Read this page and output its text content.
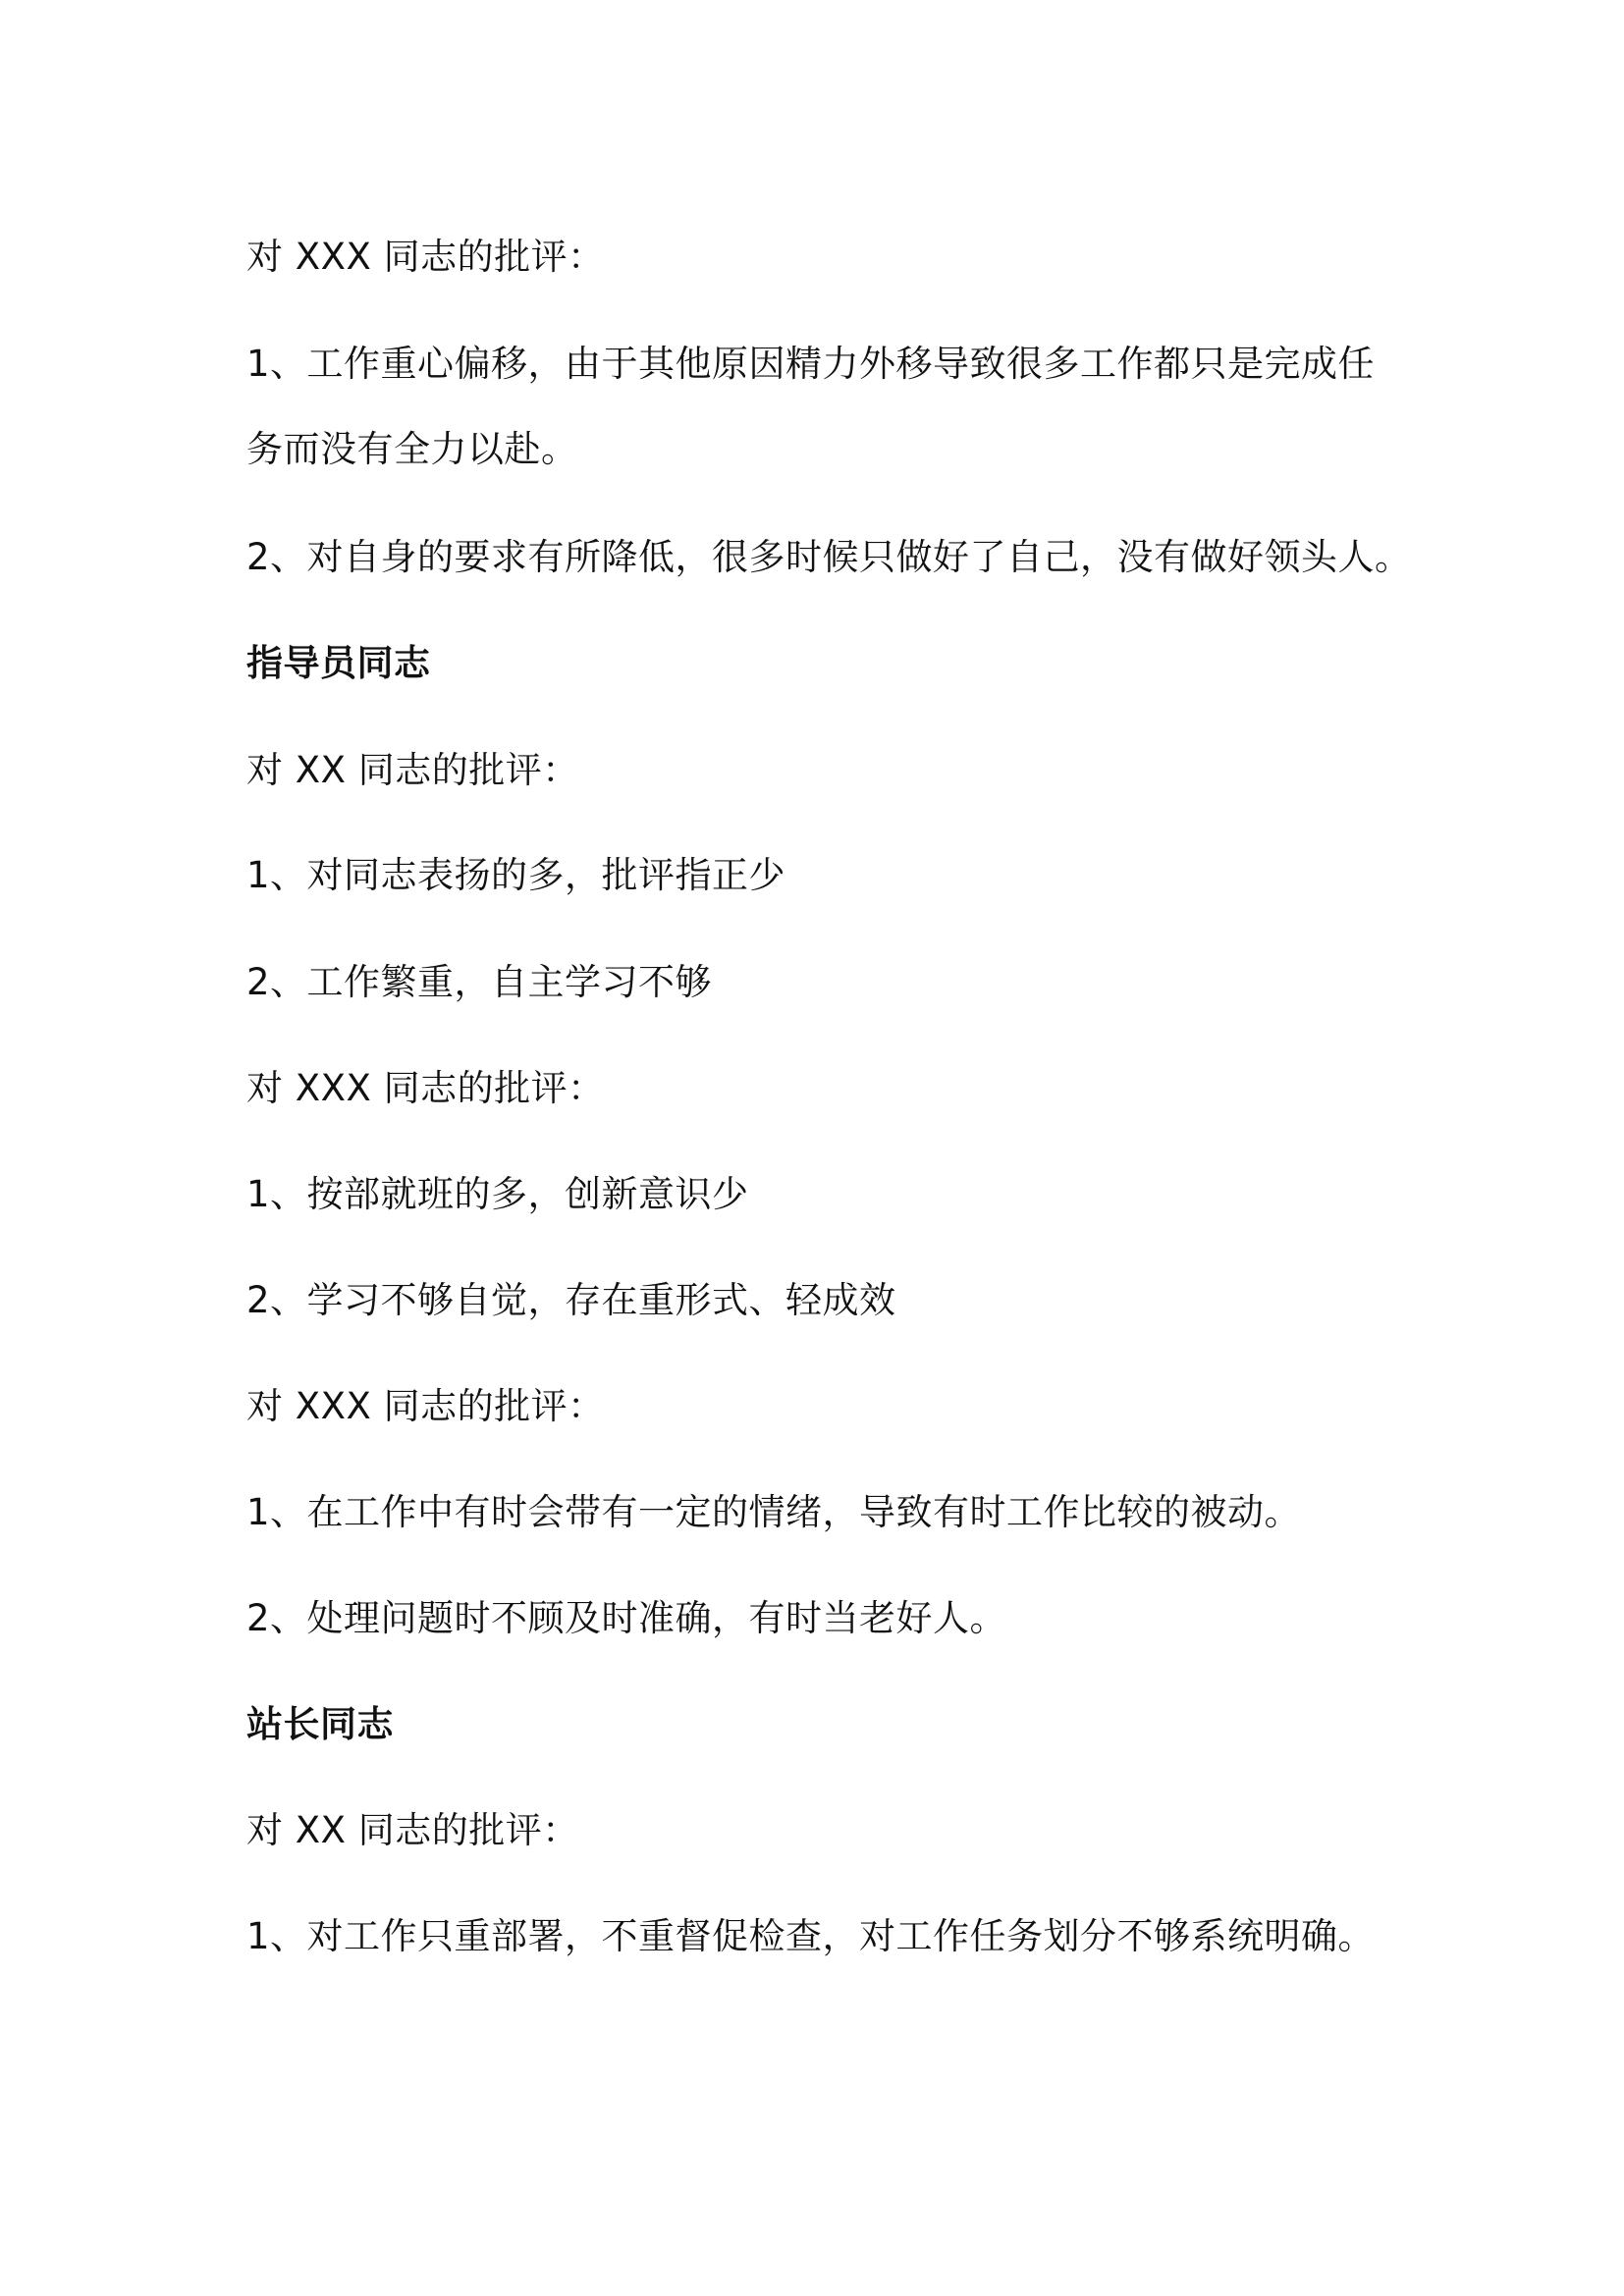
对 XXX 同志的批评：
1、工作重心偏移，由于其他原因精力外移导致很多工作都只是完成任
务而没有全力以赴。
2、对自身的要求有所降低，很多时候只做好了自己，没有做好领头人。
指导员同志
对 XX 同志的批评：
1、对同志表扬的多，批评指正少
2、工作繁重，自主学习不够
对 XXX 同志的批评：
1、按部就班的多，创新意识少
2、学习不够自觉，存在重形式、轻成效
对 XXX 同志的批评：
1、在工作中有时会带有一定的情绪，导致有时工作比较的被动。
2、处理问题时不顾及时准确，有时当老好人。
站长同志
对 XX 同志的批评：
1、对工作只重部署，不重督促检查，对工作任务划分不够系统明确。
